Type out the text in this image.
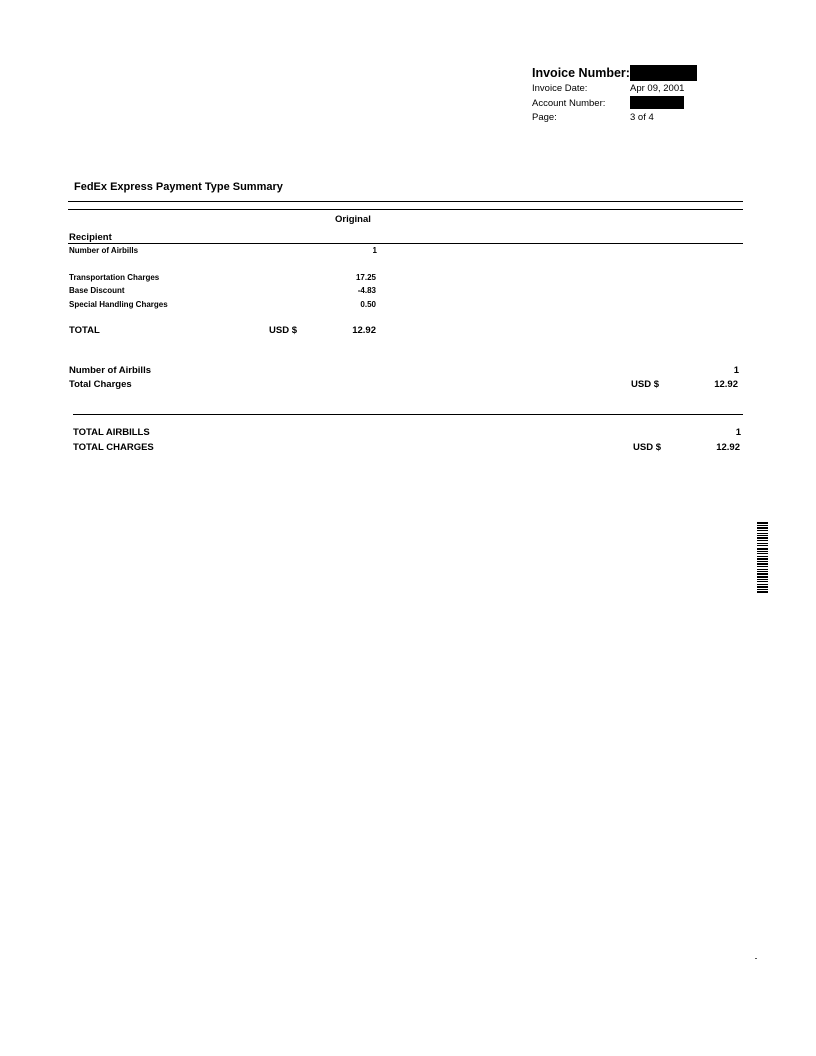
Invoice Number:
Invoice Date:	Apr 09, 2001
Account Number:
Page:	3 of 4
FedEx Express Payment Type Summary
Original
Recipient
Number of Airbills	1
Transportation Charges	17.25
Base Discount	-4.83
Special Handling Charges	0.50
TOTAL	USD $	12.92
Number of Airbills	1
Total Charges	USD $	12.92
TOTAL AIRBILLS	1
TOTAL CHARGES	USD $	12.92
